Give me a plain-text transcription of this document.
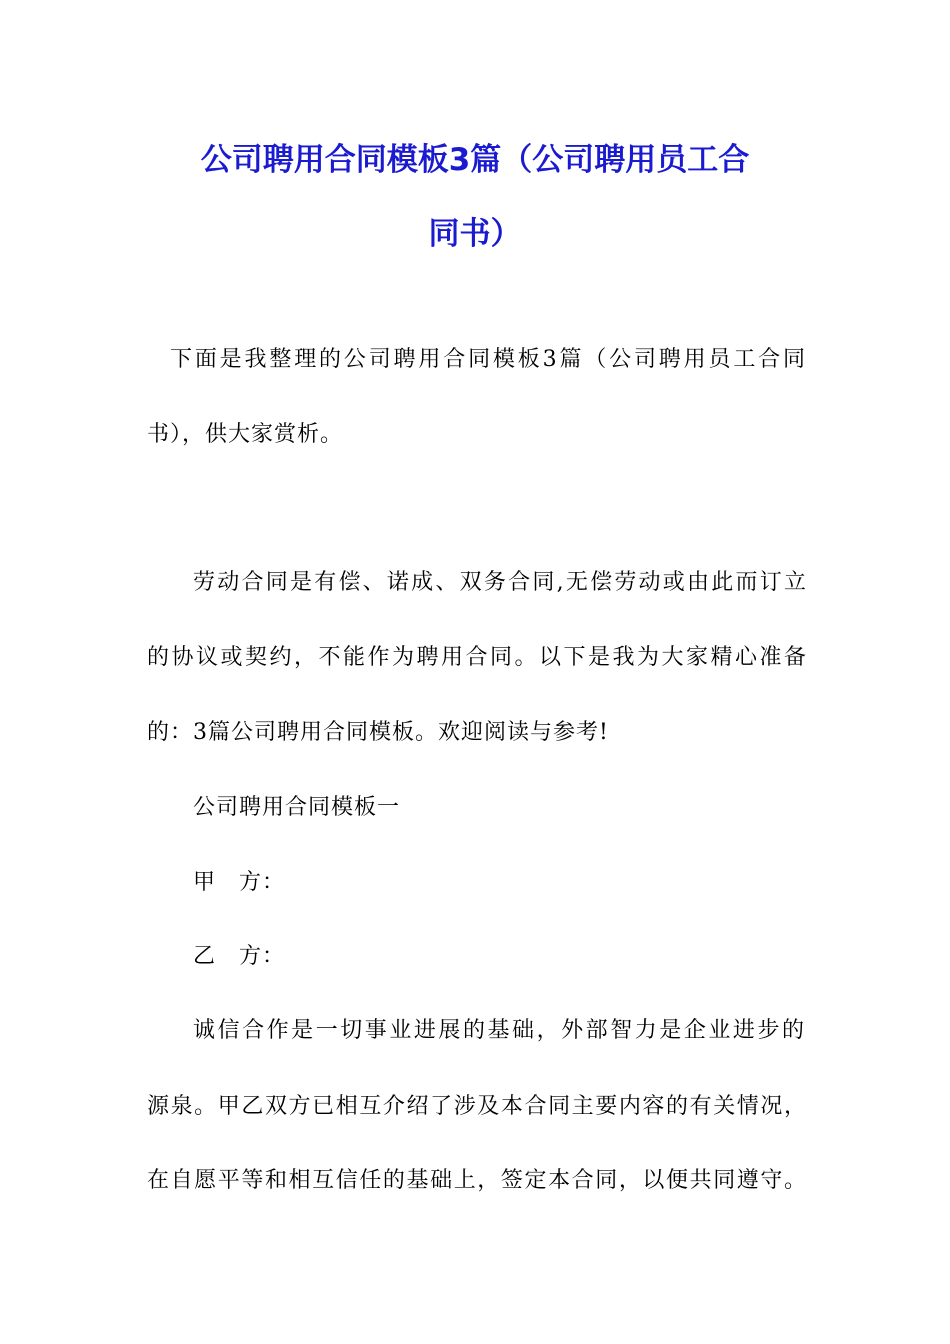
公司聘用合同模板3篇（公司聘用员工合
同书）
下面是我整理的公司聘用合同模板3篇（公司聘用员工合同
书），供大家赏析。
劳动合同是有偿、诺成、双务合同,无偿劳动或由此而订立
的协议或契约，不能作为聘用合同。以下是我为大家精心准备
的：3篇公司聘用合同模板。欢迎阅读与参考!
公司聘用合同模板一
甲　方：
乙　方：
诚信合作是一切事业进展的基础，外部智力是企业进步的
源泉。甲乙双方已相互介绍了涉及本合同主要内容的有关情况，
在自愿平等和相互信任的基础上，签定本合同，以便共同遵守。
